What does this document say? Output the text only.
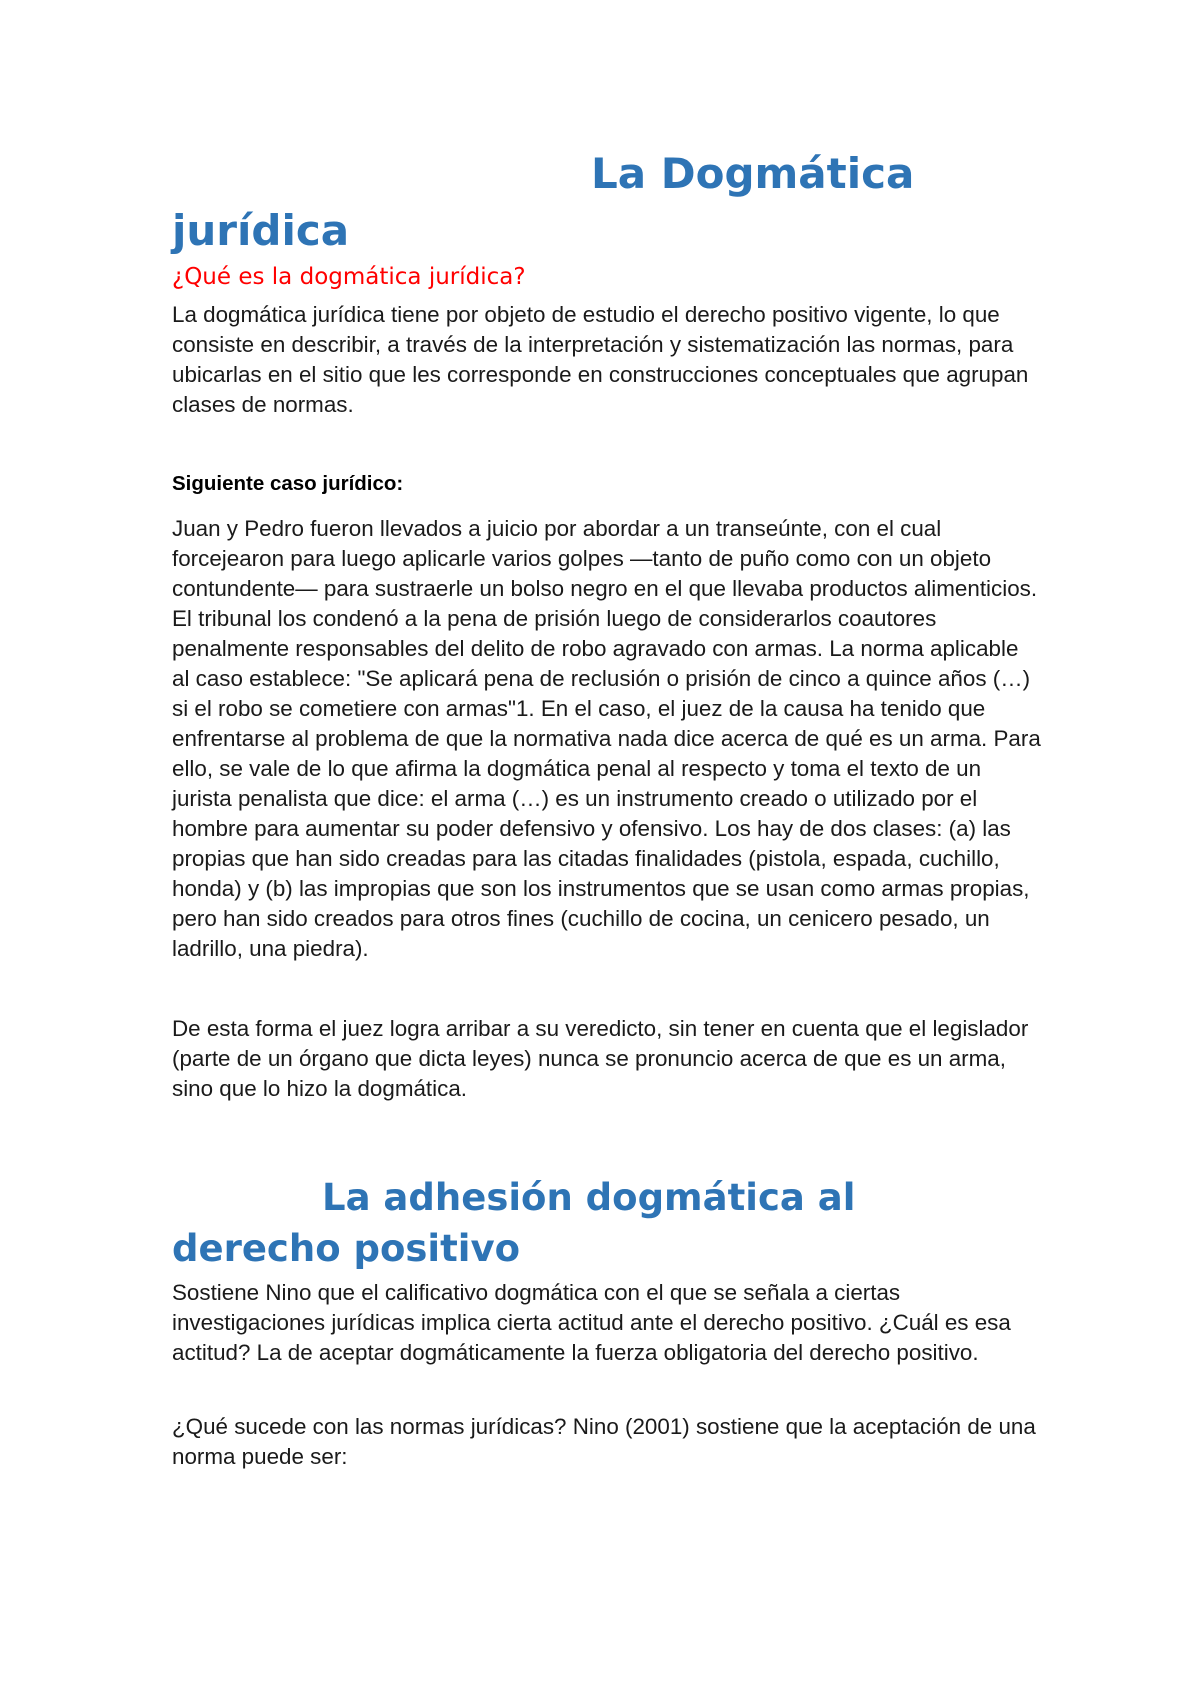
La Dogmática jurídica
¿Qué es la dogmática jurídica?

La dogmática jurídica tiene por objeto de estudio el derecho positivo vigente, lo que consiste en describir, a través de la interpretación y sistematización las normas, para ubicarlas en el sitio que les corresponde en construcciones conceptuales que agrupan clases de normas.

Siguiente caso jurídico:

Juan y Pedro fueron llevados a juicio por abordar a un transeúnte, con el cual forcejearon para luego aplicarle varios golpes —tanto de puño como con un objeto contundente— para sustraerle un bolso negro en el que llevaba productos alimenticios. El tribunal los condenó a la pena de prisión luego de considerarlos coautores penalmente responsables del delito de robo agravado con armas. La norma aplicable al caso establece: "Se aplicará pena de reclusión o prisión de cinco a quince años (…) si el robo se cometiere con armas"1. En el caso, el juez de la causa ha tenido que enfrentarse al problema de que la normativa nada dice acerca de qué es un arma. Para ello, se vale de lo que afirma la dogmática penal al respecto y toma el texto de un jurista penalista que dice: el arma (…) es un instrumento creado o utilizado por el hombre para aumentar su poder defensivo y ofensivo. Los hay de dos clases: (a) las propias que han sido creadas para las citadas finalidades (pistola, espada, cuchillo, honda) y (b) las impropias que son los instrumentos que se usan como armas propias, pero han sido creados para otros fines (cuchillo de cocina, un cenicero pesado, un ladrillo, una piedra).

De esta forma el juez logra arribar a su veredicto, sin tener en cuenta que el legislador (parte de un órgano que dicta leyes) nunca se pronuncio acerca de que es un arma, sino que lo hizo la dogmática.

La adhesión dogmática al derecho positivo

Sostiene Nino que el calificativo dogmática con el que se señala a ciertas investigaciones jurídicas implica cierta actitud ante el derecho positivo. ¿Cuál es esa actitud? La de aceptar dogmáticamente la fuerza obligatoria del derecho positivo.

¿Qué sucede con las normas jurídicas? Nino (2001) sostiene que la aceptación de una norma puede ser:
